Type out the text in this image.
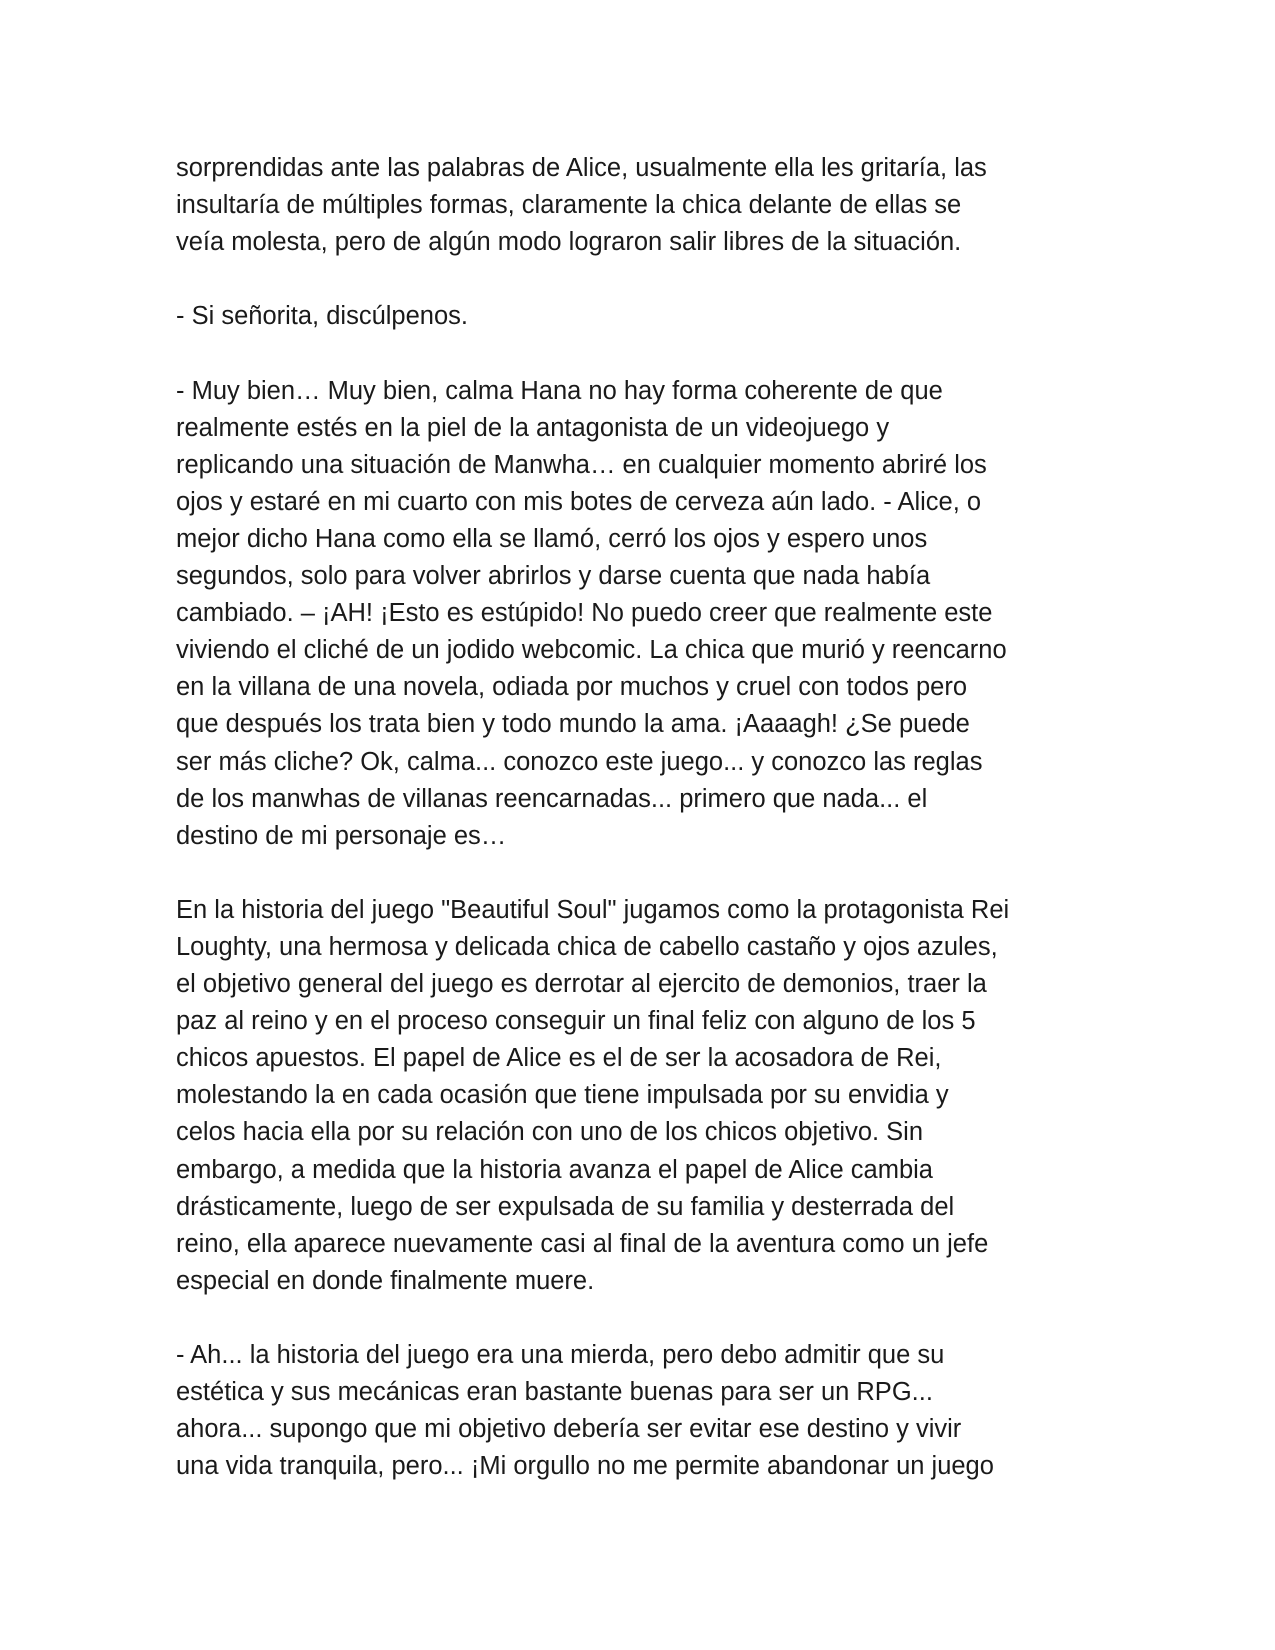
sorprendidas ante las palabras de Alice, usualmente ella les gritaría, las
insultaría de múltiples formas, claramente la chica delante de ellas se
veía molesta, pero de algún modo lograron salir libres de la situación.
- Si señorita, discúlpenos.
- Muy bien… Muy bien, calma Hana no hay forma coherente de que
realmente estés en la piel de la antagonista de un videojuego y
replicando una situación de Manwha… en cualquier momento abriré los
ojos y estaré en mi cuarto con mis botes de cerveza aún lado. - Alice, o
mejor dicho Hana como ella se llamó, cerró los ojos y espero unos
segundos, solo para volver abrirlos y darse cuenta que nada había
cambiado. – ¡AH! ¡Esto es estúpido! No puedo creer que realmente este
viviendo el cliché de un jodido webcomic. La chica que murió y reencarno
en la villana de una novela, odiada por muchos y cruel con todos pero
que después los trata bien y todo mundo la ama. ¡Aaaagh! ¿Se puede
ser más cliche? Ok, calma... conozco este juego... y conozco las reglas
de los manwhas de villanas reencarnadas... primero que nada... el
destino de mi personaje es…
En la historia del juego "Beautiful Soul" jugamos como la protagonista Rei
Loughty, una hermosa y delicada chica de cabello castaño y ojos azules,
el objetivo general del juego es derrotar al ejercito de demonios, traer la
paz al reino y en el proceso conseguir un final feliz con alguno de los 5
chicos apuestos. El papel de Alice es el de ser la acosadora de Rei,
molestando la en cada ocasión que tiene impulsada por su envidia y
celos hacia ella por su relación con uno de los chicos objetivo. Sin
embargo, a medida que la historia avanza el papel de Alice cambia
drásticamente, luego de ser expulsada de su familia y desterrada del
reino, ella aparece nuevamente casi al final de la aventura como un jefe
especial en donde finalmente muere.
- Ah... la historia del juego era una mierda, pero debo admitir que su
estética y sus mecánicas eran bastante buenas para ser un RPG...
ahora... supongo que mi objetivo debería ser evitar ese destino y vivir
una vida tranquila, pero... ¡Mi orgullo no me permite abandonar un juego
